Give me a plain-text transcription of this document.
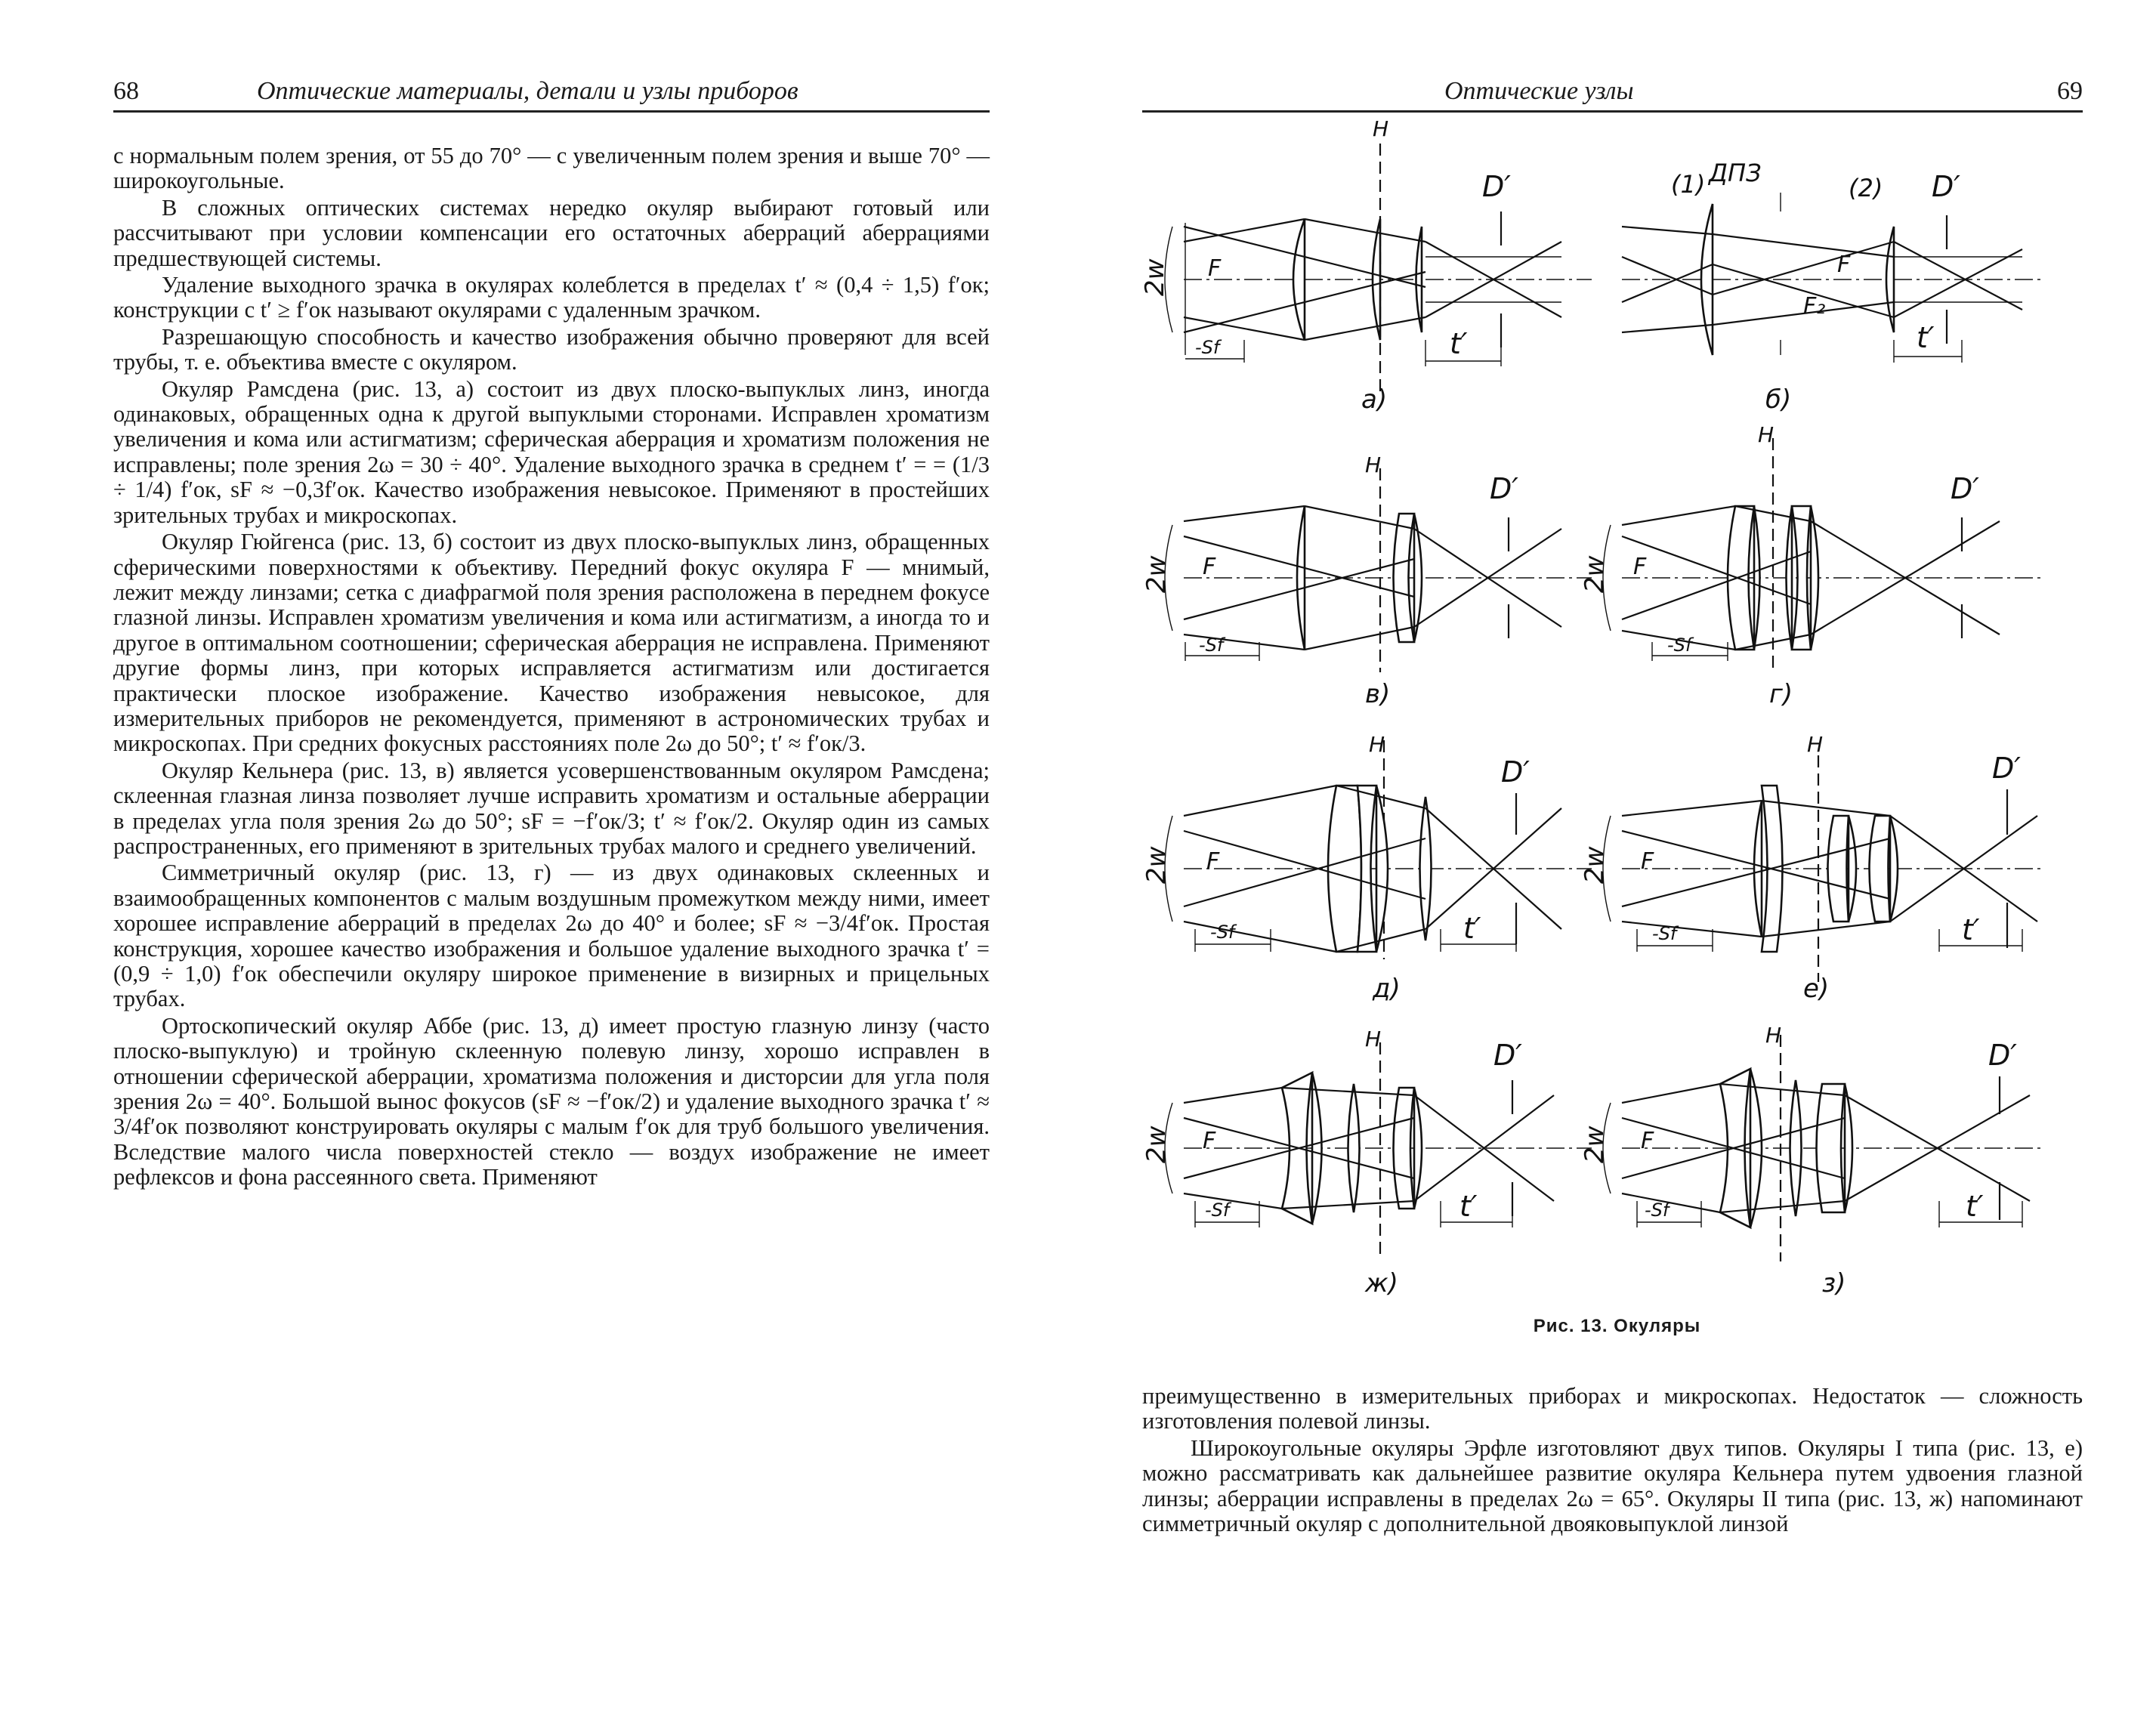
68	Оптические материалы, детали и узлы приборов

с нормальным полем зрения, от 55 до 70° — с увеличенным полем зрения и выше 70° — широкоугольные.

В сложных оптических системах нередко окуляр выбирают готовый или рассчитывают при условии компенсации его остаточных аберраций аберрациями предшествующей системы.

Удаление выходного зрачка в окулярах колеблется в пределах t′ ≈ (0,4 ÷ 1,5) f′ок; конструкции с t′ ≥ f′ок называют окулярами с удаленным зрачком.

Разрешающую способность и качество изображения обычно проверяют для всей трубы, т. е. объектива вместе с окуляром.

Окуляр Рамсдена (рис. 13, а) состоит из двух плоско-выпуклых линз, иногда одинаковых, обращенных одна к другой выпуклыми сторонами. Исправлен хроматизм увеличения и кома или астигматизм; сферическая аберрация и хроматизм положения не исправлены; поле зрения 2ω = 30 ÷ 40°. Удаление выходного зрачка в среднем t′ = = (1/3 ÷ 1/4) f′ок, sF ≈ −0,3f′ок. Качество изображения невысокое. Применяют в простейших зрительных трубах и микроскопах.

Окуляр Гюйгенса (рис. 13, б) состоит из двух плоско-выпуклых линз, обращенных сферическими поверхностями к объективу. Передний фокус окуляра F — мнимый, лежит между линзами; сетка с диафрагмой поля зрения расположена в переднем фокусе глазной линзы. Исправлен хроматизм увеличения и кома или астигматизм, а иногда то и другое в оптимальном соотношении; сферическая аберрация не исправлена. Применяют другие формы линз, при которых исправляется астигматизм или достигается практически плоское изображение. Качество изображения невысокое, для измерительных приборов не рекомендуется, применяют в астрономических трубах и микроскопах. При средних фокусных расстояниях поле 2ω до 50°; t′ ≈ f′ок/3.

Окуляр Кельнера (рис. 13, в) является усовершенствованным окуляром Рамсдена; склеенная глазная линза позволяет лучше исправить хроматизм и остальные аберрации в пределах угла поля зрения 2ω до 50°; sF = −f′ок/3; t′ ≈ f′ок/2. Окуляр один из самых распространенных, его применяют в зрительных трубах малого и среднего увеличений.

Симметричный окуляр (рис. 13, г) — из двух одинаковых склеенных и взаимообращенных компонентов с малым воздушным промежутком между ними, имеет хорошее исправление аберраций в пределах 2ω до 40° и более; sF ≈ −3/4f′ок. Простая конструкция, хорошее качество изображения и большое удаление выходного зрачка t′ = (0,9 ÷ 1,0) f′ок обеспечили окуляру широкое применение в визирных и прицельных трубах.

Ортоскопический окуляр Аббе (рис. 13, д) имеет простую глазную линзу (часто плоско-выпуклую) и тройную склеенную полевую линзу, хорошо исправлен в отношении сферической аберрации, хроматизма положения и дисторсии для угла поля зрения 2ω = 40°. Большой вынос фокусов (sF ≈ −f′ок/2) и удаление выходного зрачка t′ ≈ 3/4f′ок позволяют конструировать окуляры с малым f′ок для труб большого увеличения. Вследствие малого числа поверхностей стекло — воздух изображение не имеет рефлексов и фона рассеянного света. Применяют

Оптические узлы	69
2w F
-Sf	t′
D′
H
а)
F
F₂
(1)	(2)
ДПЗ
t′
D′
б)
2w F
-Sf
D′
H
в)
2w F
-Sf
D′
H
г)
2w F
-Sf	t′
D′
H
д)
2w F
-Sf	t′
D′
H
е)
2w F
-Sf	t′
D′
H
ж)
2w F
-Sf	t′
D′
H
з)
Рис. 13. Окуляры

преимущественно в измерительных приборах и микроскопах. Недостаток — сложность изготовления полевой линзы.

Широкоугольные окуляры Эрфле изготовляют двух типов. Окуляры I типа (рис. 13, е) можно рассматривать как дальнейшее развитие окуляра Кельнера путем удвоения глазной линзы; аберрации исправлены в пределах 2ω = 65°. Окуляры II типа (рис. 13, ж) напоминают симметричный окуляр с дополнительной двояковыпуклой линзой
